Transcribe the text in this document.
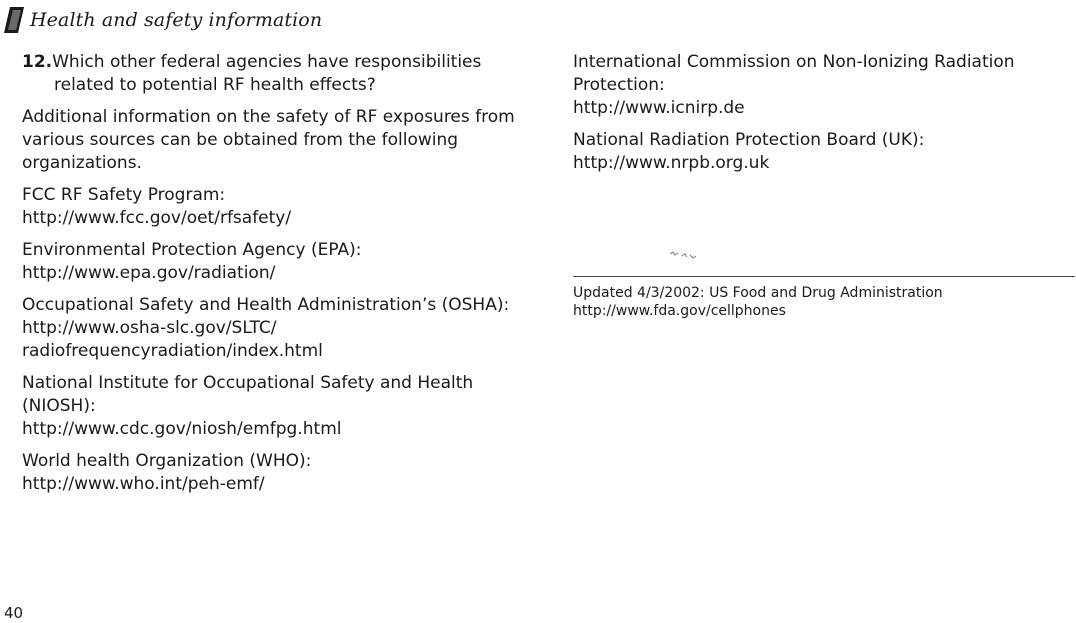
Health and safety information

12.Which other federal agencies have responsibilities related to potential RF health effects?

Additional information on the safety of RF exposures from various sources can be obtained from the following organizations.

FCC RF Safety Program:
http://www.fcc.gov/oet/rfsafety/
Environmental Protection Agency (EPA):
http://www.epa.gov/radiation/
Occupational Safety and Health Administration’s (OSHA):
http://www.osha-slc.gov/SLTC/ radiofrequencyradiation/index.html
National Institute for Occupational Safety and Health (NIOSH):
http://www.cdc.gov/niosh/emfpg.html
World health Organization (WHO):
http://www.who.int/peh-emf/
International Commission on Non-Ionizing Radiation Protection:
http://www.icnirp.de
National Radiation Protection Board (UK):
http://www.nrpb.org.uk
Updated 4/3/2002: US Food and Drug Administration
http://www.fda.gov/cellphones
40
